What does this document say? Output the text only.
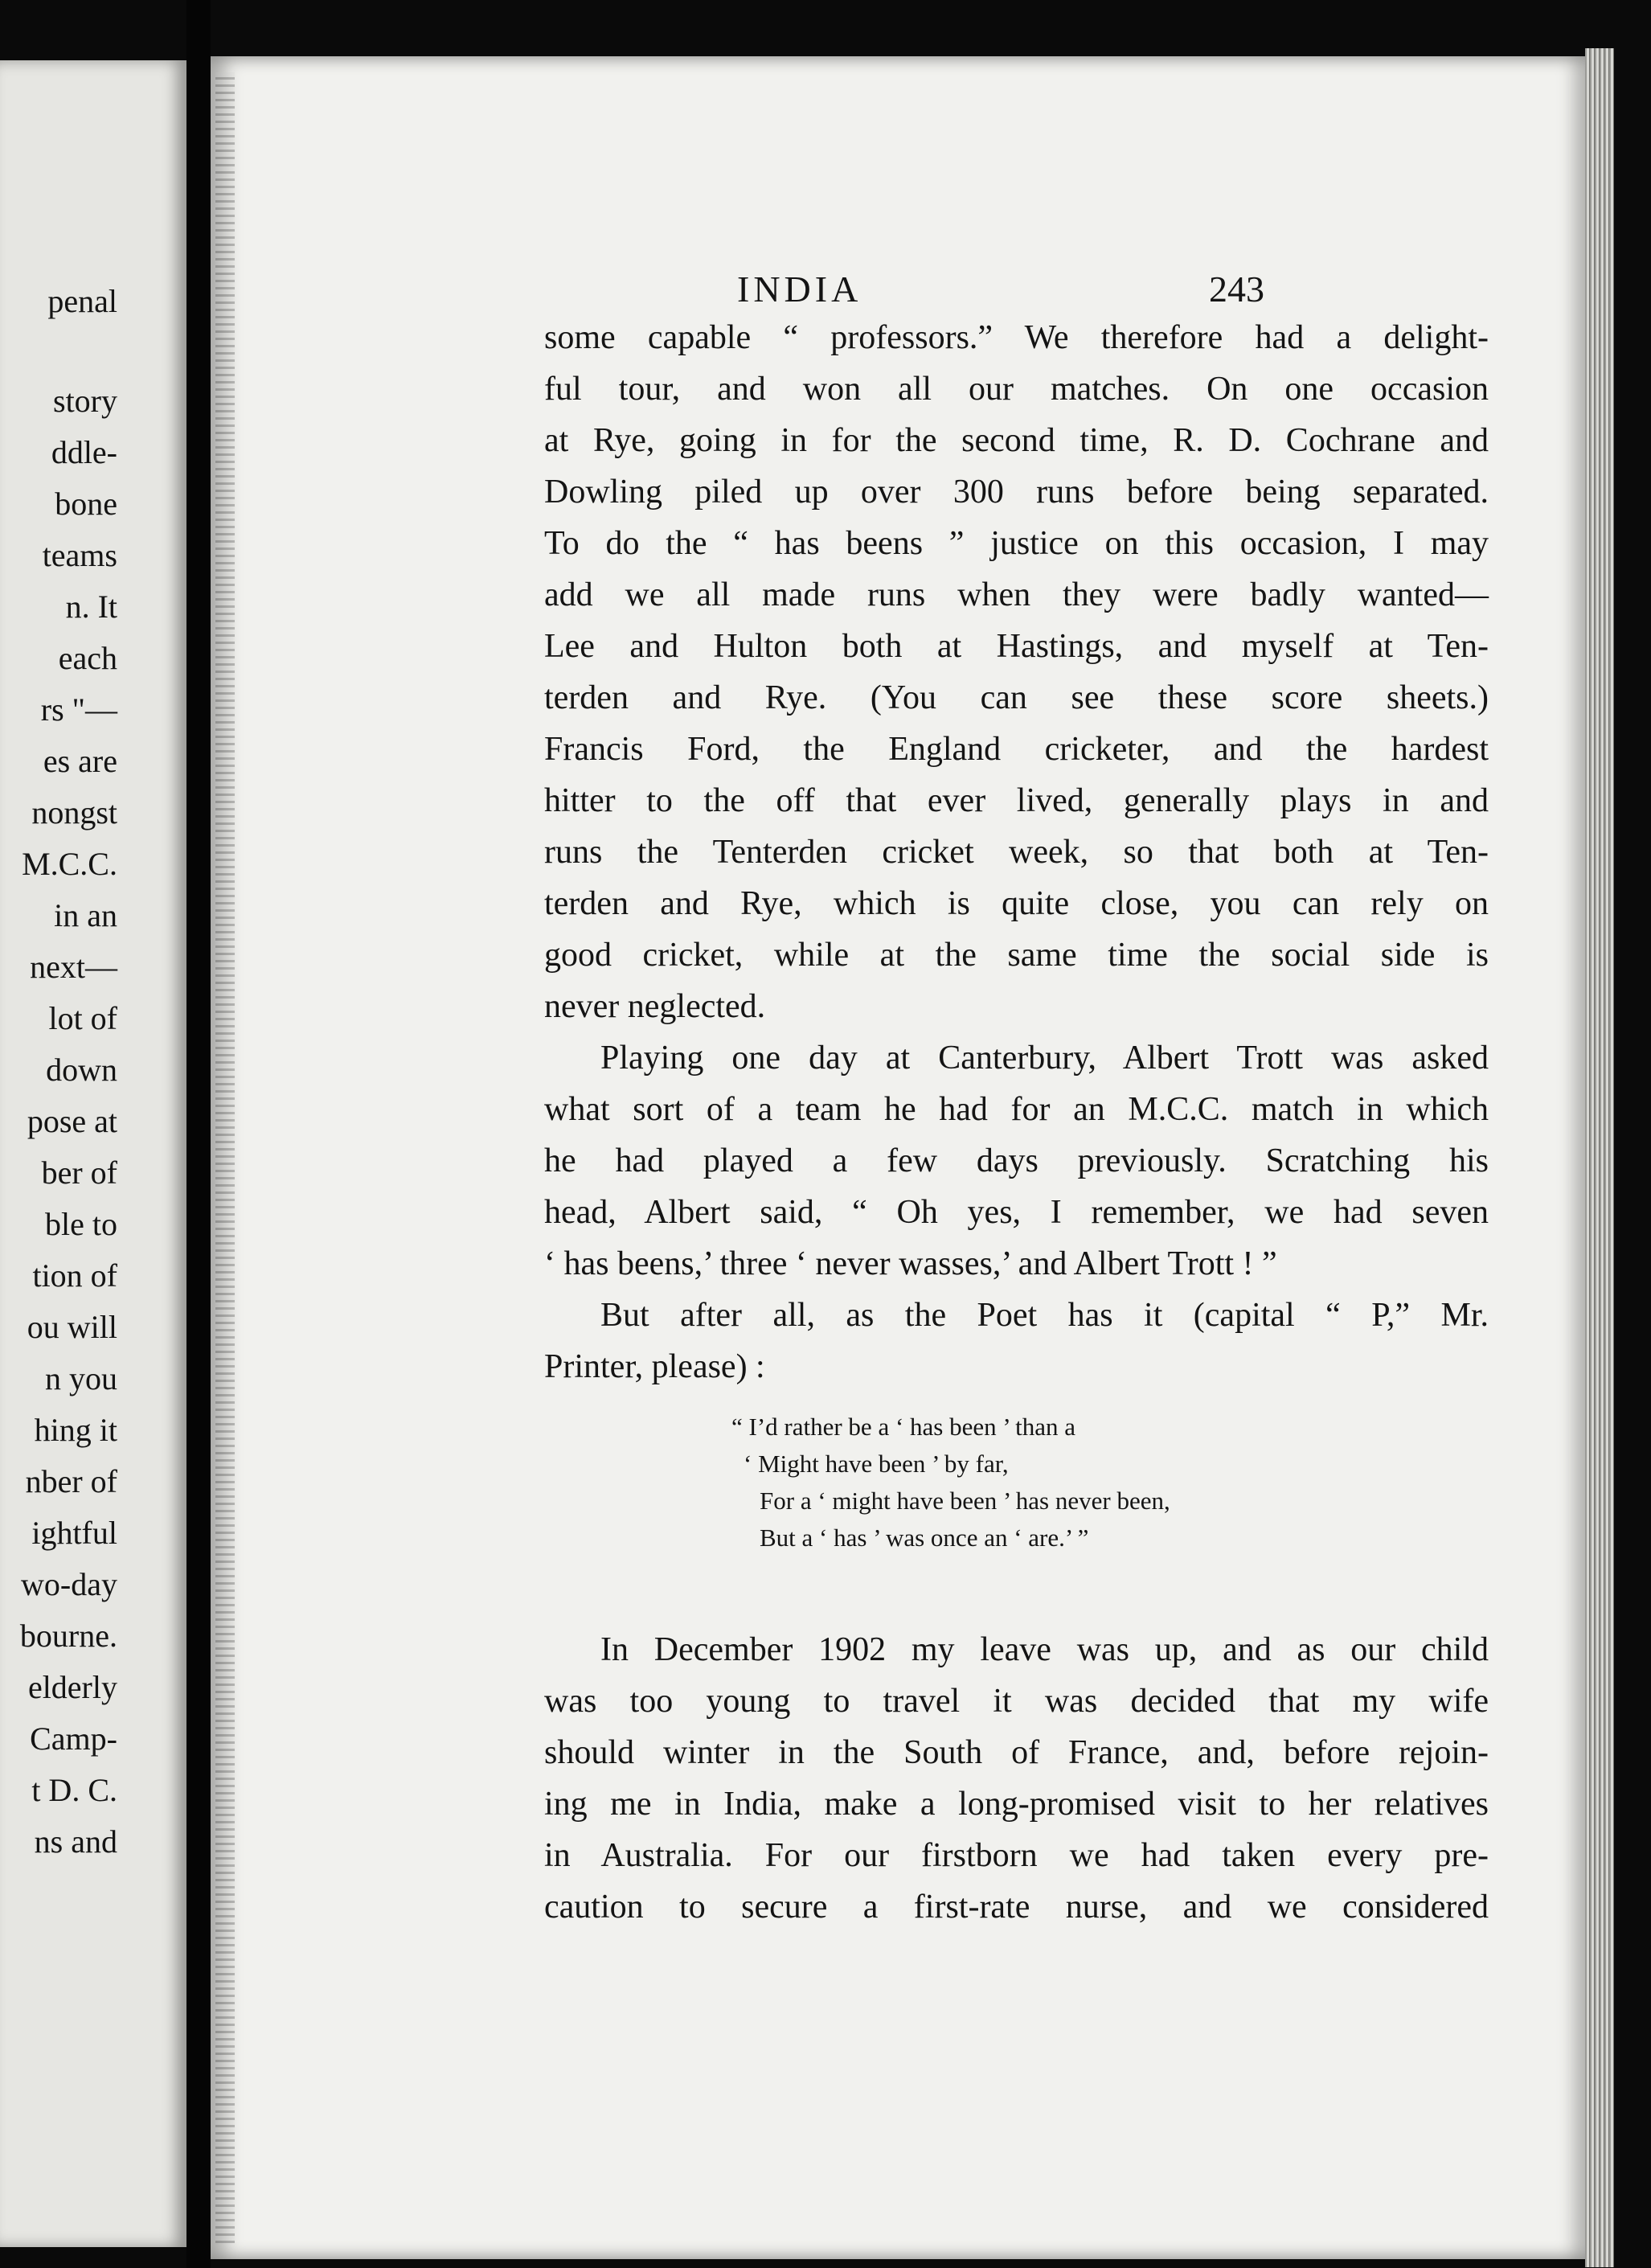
penal
story
ddle-
bone
teams
n. It
each
rs "—
es are
nongst
M.C.C.
in an
next—
lot of
down
pose at
ber of
ble to
tion of
ou will
n you
hing it
nber of
ightful
wo-day
bourne.
elderly
Camp-
t D. C.
ns and
INDIA	243
some capable “ professors.” We therefore had a delight-
ful tour, and won all our matches. On one occasion
at Rye, going in for the second time, R. D. Cochrane and
Dowling piled up over 300 runs before being separated.
To do the “ has beens ” justice on this occasion, I may
add we all made runs when they were badly wanted—
Lee and Hulton both at Hastings, and myself at Ten-
terden and Rye. (You can see these score sheets.)
Francis Ford, the England cricketer, and the hardest
hitter to the off that ever lived, generally plays in and
runs the Tenterden cricket week, so that both at Ten-
terden and Rye, which is quite close, you can rely on
good cricket, while at the same time the social side is
never neglected.
Playing one day at Canterbury, Albert Trott was asked
what sort of a team he had for an M.C.C. match in which
he had played a few days previously. Scratching his
head, Albert said, “ Oh yes, I remember, we had seven
‘ has beens,’ three ‘ never wasses,’ and Albert Trott ! ”
But after all, as the Poet has it (capital “ P,” Mr.
Printer, please) :
“ I’d rather be a ‘ has been ’ than a
‘ Might have been ’ by far,
For a ‘ might have been ’ has never been,
But a ‘ has ’ was once an ‘ are.’ ”
In December 1902 my leave was up, and as our child
was too young to travel it was decided that my wife
should winter in the South of France, and, before rejoin-
ing me in India, make a long-promised visit to her relatives
in Australia. For our firstborn we had taken every pre-
caution to secure a first-rate nurse, and we considered
